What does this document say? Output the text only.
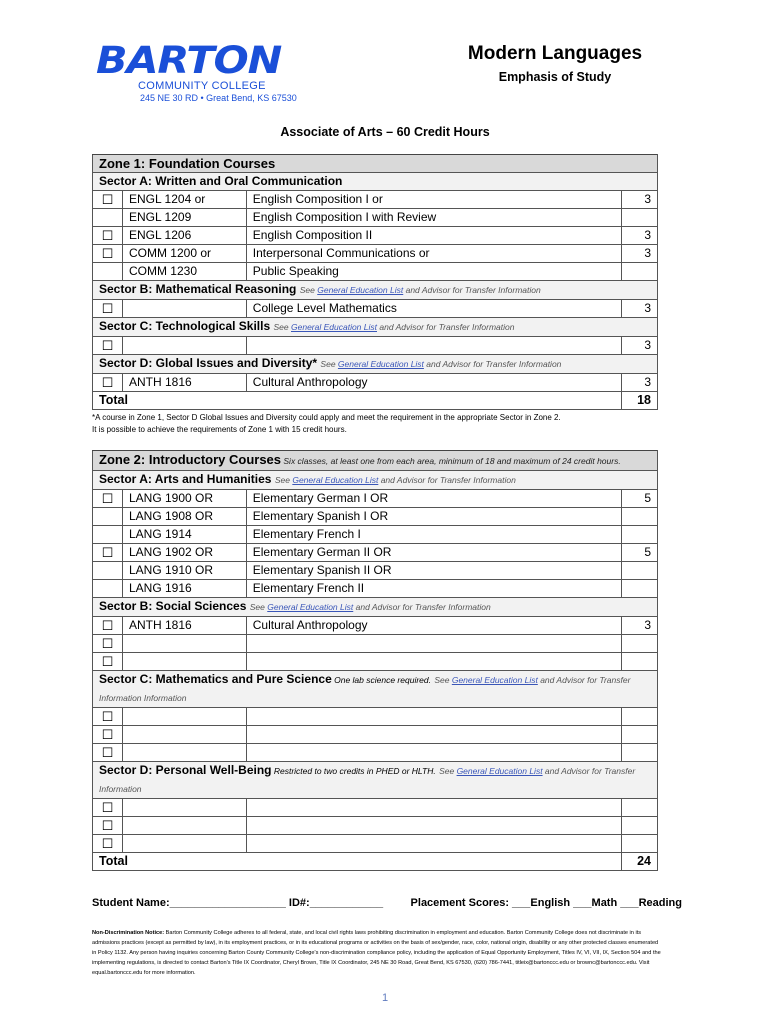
BARTON
COMMUNITY COLLEGE
245 NE 30 RD • Great Bend, KS 67530
Modern Languages
Emphasis of Study
Associate of Arts – 60 Credit Hours
Zone 1: Foundation Courses			
Sector A: Written and Oral Communication			
☐	ENGL 1204 or	English Composition I or	3
	ENGL 1209	English Composition I with Review	
☐	ENGL 1206	English Composition II	3
☐	COMM 1200 or	Interpersonal Communications or	3
	COMM 1230	Public Speaking	
Sector B: Mathematical Reasoning See General Education List and Advisor for Transfer Information			
☐		College Level Mathematics	3
Sector C: Technological Skills See General Education List and Advisor for Transfer Information			
☐			3
Sector D: Global Issues and Diversity* See General Education List and Advisor for Transfer Information			
☐	ANTH 1816	Cultural Anthropology	3
Total			18
*A course in Zone 1, Sector D Global Issues and Diversity could apply and meet the requirement in the appropriate Sector in Zone 2.
It is possible to achieve the requirements of Zone 1 with 15 credit hours.
Zone 2: Introductory Courses Six classes, at least one from each area, minimum of 18 and maximum of 24 credit hours.			
Sector A: Arts and Humanities See General Education List and Advisor for Transfer Information			
☐	LANG 1900 OR	Elementary German I OR	5
	LANG 1908 OR	Elementary Spanish I OR	
	LANG 1914	Elementary French I	
☐	LANG 1902 OR	Elementary German II OR	5
	LANG 1910 OR	Elementary Spanish II OR	
	LANG 1916	Elementary French II	
Sector B: Social Sciences See General Education List and Advisor for Transfer Information			
☐	ANTH 1816	Cultural Anthropology	3
☐			
☐			
Sector C: Mathematics and Pure Science One lab science required. See General Education List and Advisor for Transfer Information Information			
☐			
☐			
☐			
Sector D: Personal Well-Being Restricted to two credits in PHED or HLTH. See General Education List and Advisor for Transfer Information			
☐			
☐			
☐			
Total			24
Student Name:___________________ ID#:____________ Placement Scores: ___English ___Math ___Reading
Non-Discrimination Notice: Barton Community College adheres to all federal, state, and local civil rights laws prohibiting discrimination in employment and education. Barton Community College does not discriminate in its admissions practices (except as permitted by law), in its employment practices, or in its educational programs or activities on the basis of sex/gender, race, color, national origin, disability or any other protected classes enumerated in Policy 1132. Any person having inquiries concerning Barton County Community College's non-discrimination compliance policy, including the application of Equal Opportunity Employment, Titles IV, VI, VII, IX, Section 504 and the implementing regulations, is directed to contact Barton's Title IX Coordinator, Cheryl Brown, Title IX Coordinator, 245 NE 30 Road, Great Bend, KS 67530, (620) 786-7441, titleix@bartonccc.edu or brownc@bartonccc.edu. Visit equal.bartonccc.edu for more information.
1
